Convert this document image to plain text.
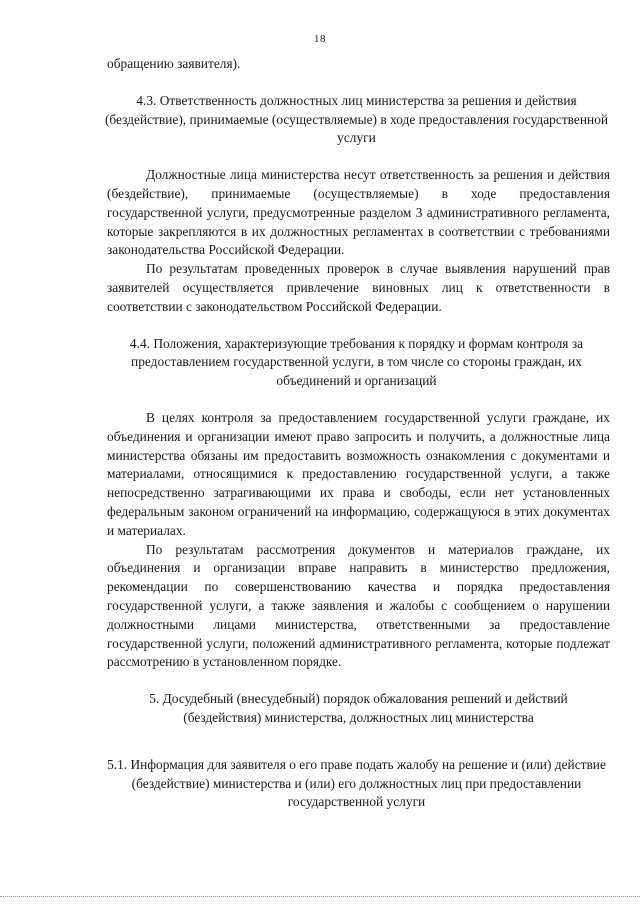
18

обращению заявителя).

4.3. Ответственность должностных лиц министерства за решения и действия (бездействие), принимаемые (осуществляемые) в ходе предоставления государственной услуги

Должностные лица министерства несут ответственность за решения и действия (бездействие), принимаемые (осуществляемые) в ходе предоставления государственной услуги, предусмотренные разделом 3 административного регламента, которые закрепляются в их должностных регламентах в соответствии с требованиями законодательства Российской Федерации.

По результатам проведенных проверок в случае выявления нарушений прав заявителей осуществляется привлечение виновных лиц к ответственности в соответствии с законодательством Российской Федерации.

4.4. Положения, характеризующие требования к порядку и формам контроля за предоставлением государственной услуги, в том числе со стороны граждан, их объединений и организаций

В целях контроля за предоставлением государственной услуги граждане, их объединения и организации имеют право запросить и получить, а должностные лица министерства обязаны им предоставить возможность ознакомления с документами и материалами, относящимися к предоставлению государственной услуги, а также непосредственно затрагивающими их права и свободы, если нет установленных федеральным законом ограничений на информацию, содержащуюся в этих документах и материалах.

По результатам рассмотрения документов и материалов граждане, их объединения и организации вправе направить в министерство предложения, рекомендации по совершенствованию качества и порядка предоставления государственной услуги, а также заявления и жалобы с сообщением о нарушении должностными лицами министерства, ответственными за предоставление государственной услуги, положений административного регламента, которые подлежат рассмотрению в установленном порядке.

5. Досудебный (внесудебный) порядок обжалования решений и действий (бездействия) министерства, должностных лиц министерства

5.1. Информация для заявителя о его праве подать жалобу на решение и (или) действие (бездействие) министерства и (или) его должностных лиц при предоставлении государственной услуги
